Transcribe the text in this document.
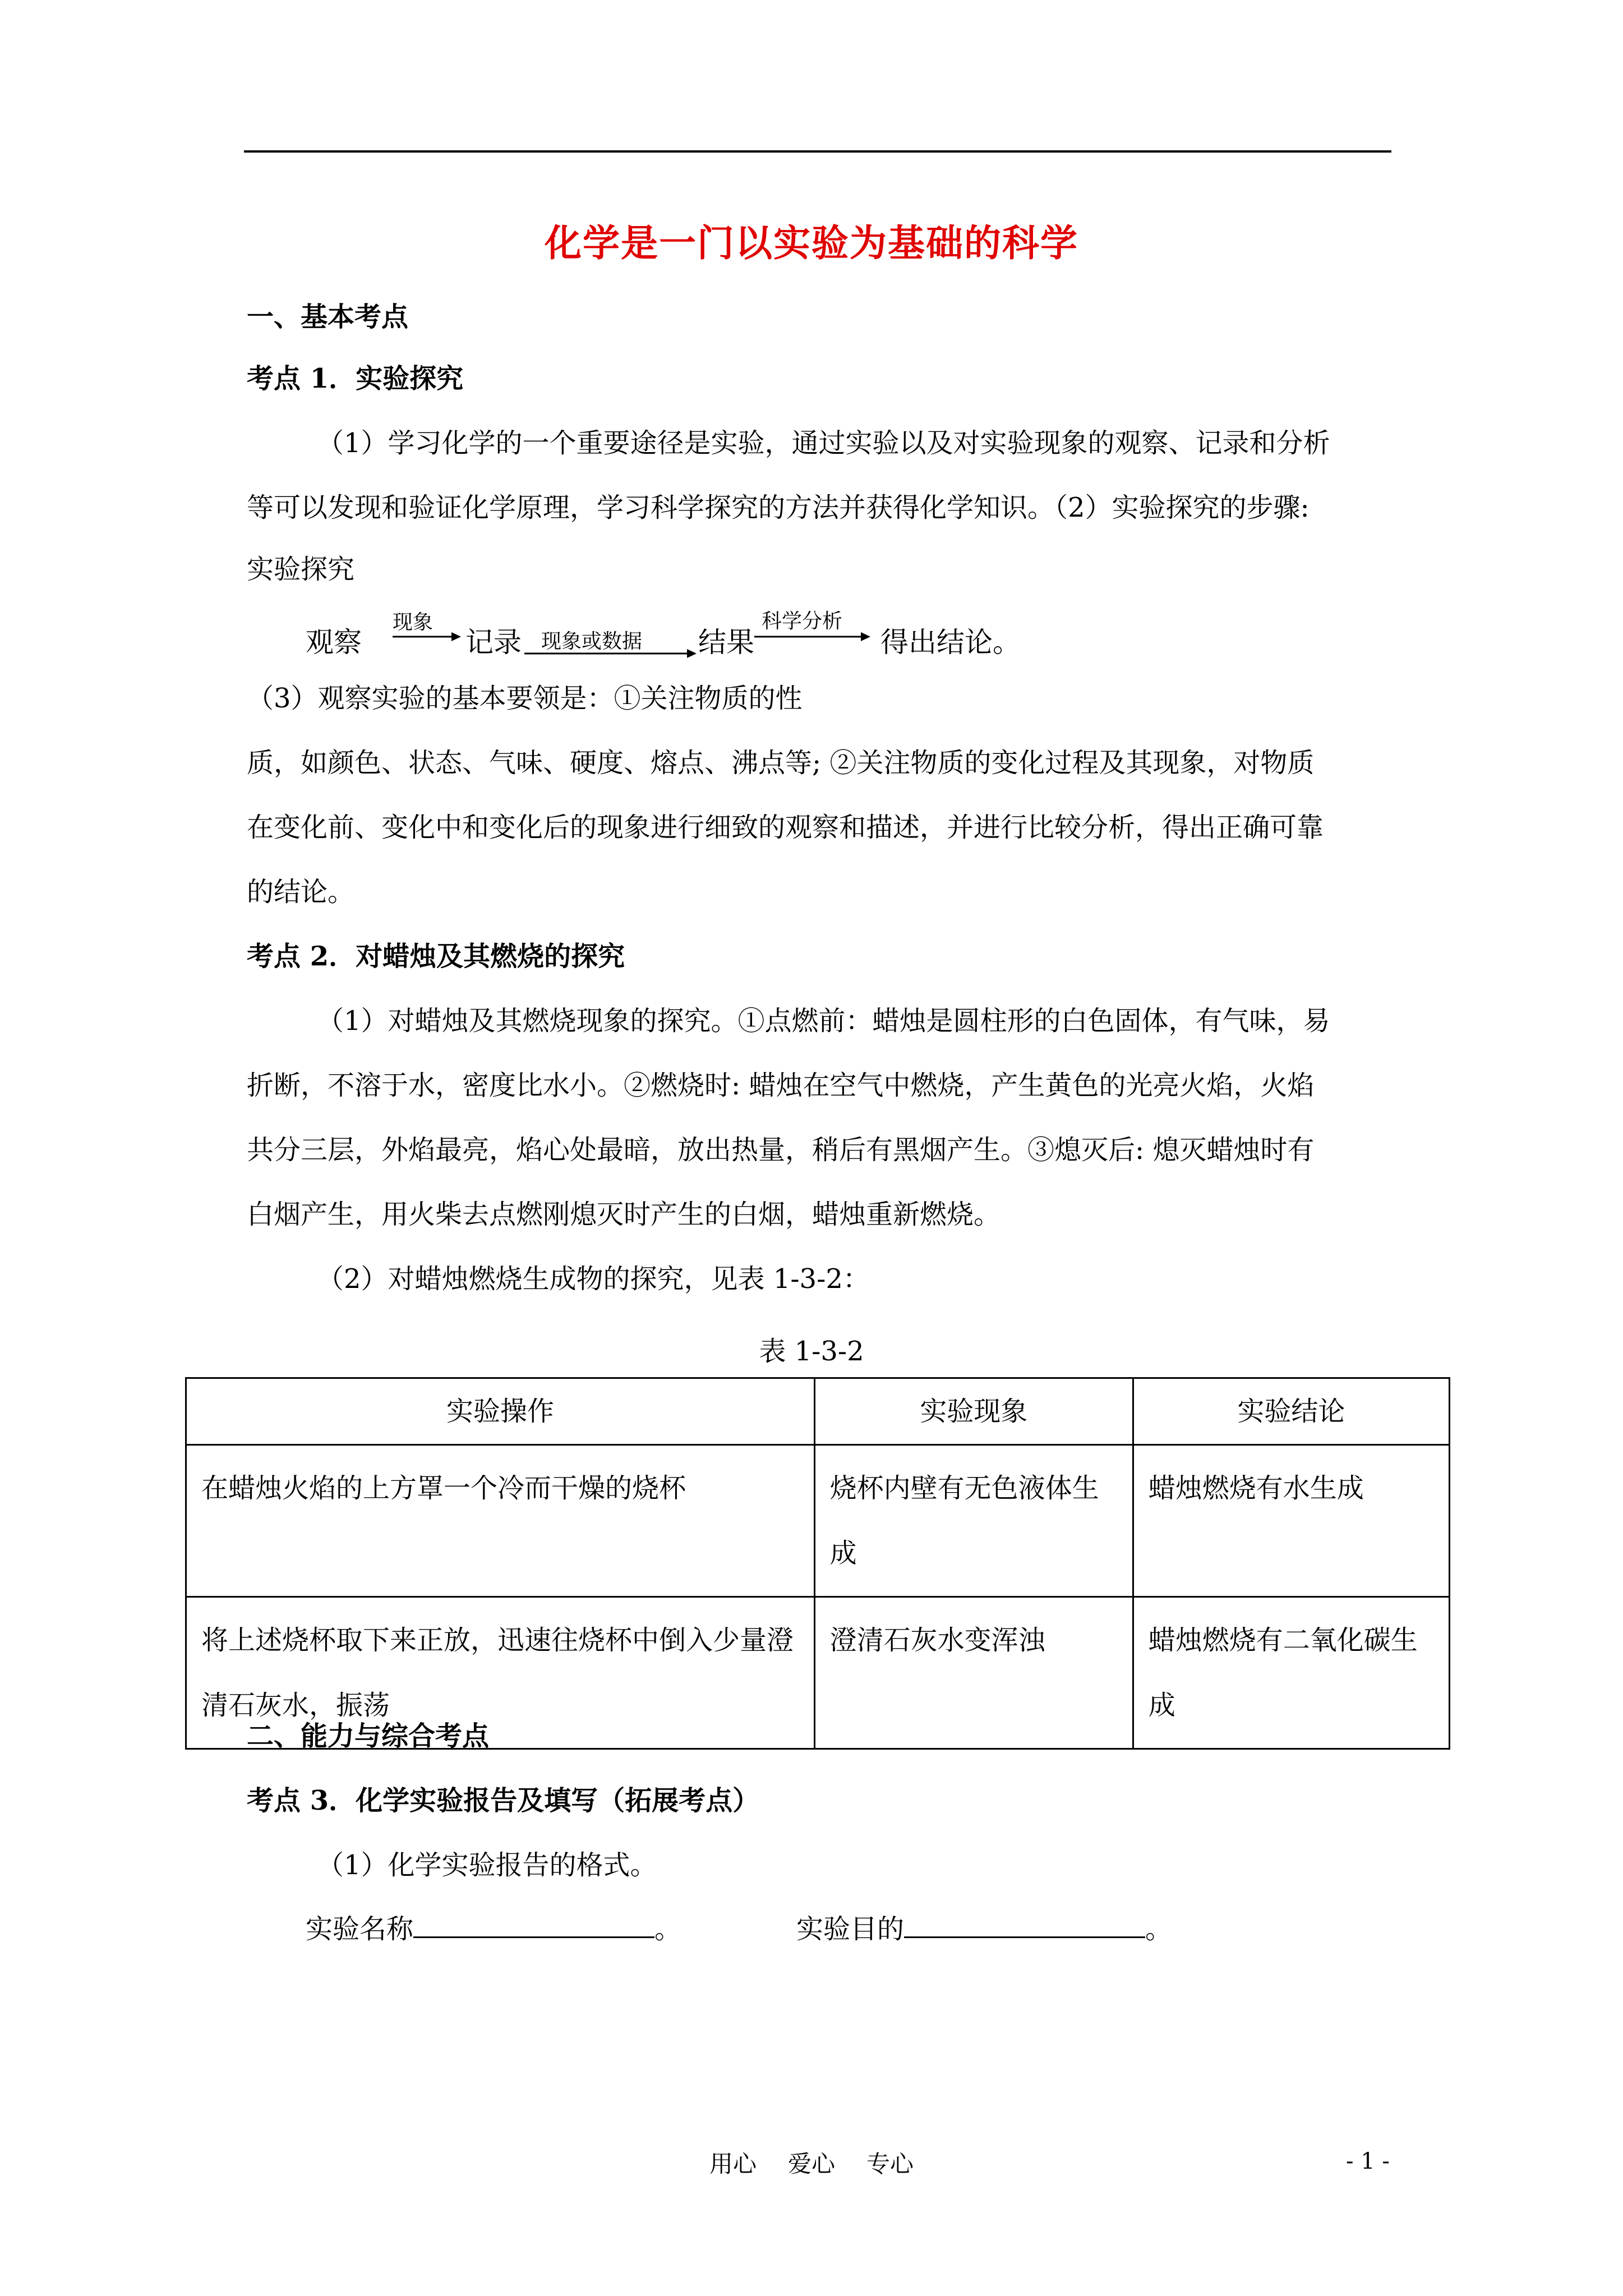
化学是一门以实验为基础的科学
一、基本考点
考点 1．实验探究
（1）学习化学的一个重要途径是实验，通过实验以及对实验现象的观察、记录和分析
等可以发现和验证化学原理，学习科学探究的方法并获得化学知识。（2）实验探究的步骤:
实验探究
观察
现象
记录 现象或数据 结果
科学分析
得出结论。
（3）观察实验的基本要领是：①关注物质的性
质，如颜色、状态、气味、硬度、熔点、沸点等; ②关注物质的变化过程及其现象，对物质
在变化前、变化中和变化后的现象进行细致的观察和描述，并进行比较分析，得出正确可靠
的结论。
考点 2．对蜡烛及其燃烧的探究
（1）对蜡烛及其燃烧现象的探究。①点燃前：蜡烛是圆柱形的白色固体，有气味，易
折断，不溶于水，密度比水小。②燃烧时: 蜡烛在空气中燃烧，产生黄色的光亮火焰，火焰
共分三层，外焰最亮，焰心处最暗，放出热量，稍后有黑烟产生。③熄灭后: 熄灭蜡烛时有
白烟产生，用火柴去点燃刚熄灭时产生的白烟，蜡烛重新燃烧。
（2）对蜡烛燃烧生成物的探究，见表 1-3-2：
表 1-3-2
实验操作	实验现象	实验结论
在蜡烛火焰的上方罩一个冷而干燥的烧杯	烧杯内壁有无色液体生成	蜡烛燃烧有水生成
将上述烧杯取下来正放，迅速往烧杯中倒入少量澄清石灰水，振荡	澄清石灰水变浑浊	蜡烛燃烧有二氧化碳生成
二、能力与综合考点
考点 3．化学实验报告及填写（拓展考点）
（1）化学实验报告的格式。
实验名称	。	实验目的	。
用心 爱心 专心	- 1 -
